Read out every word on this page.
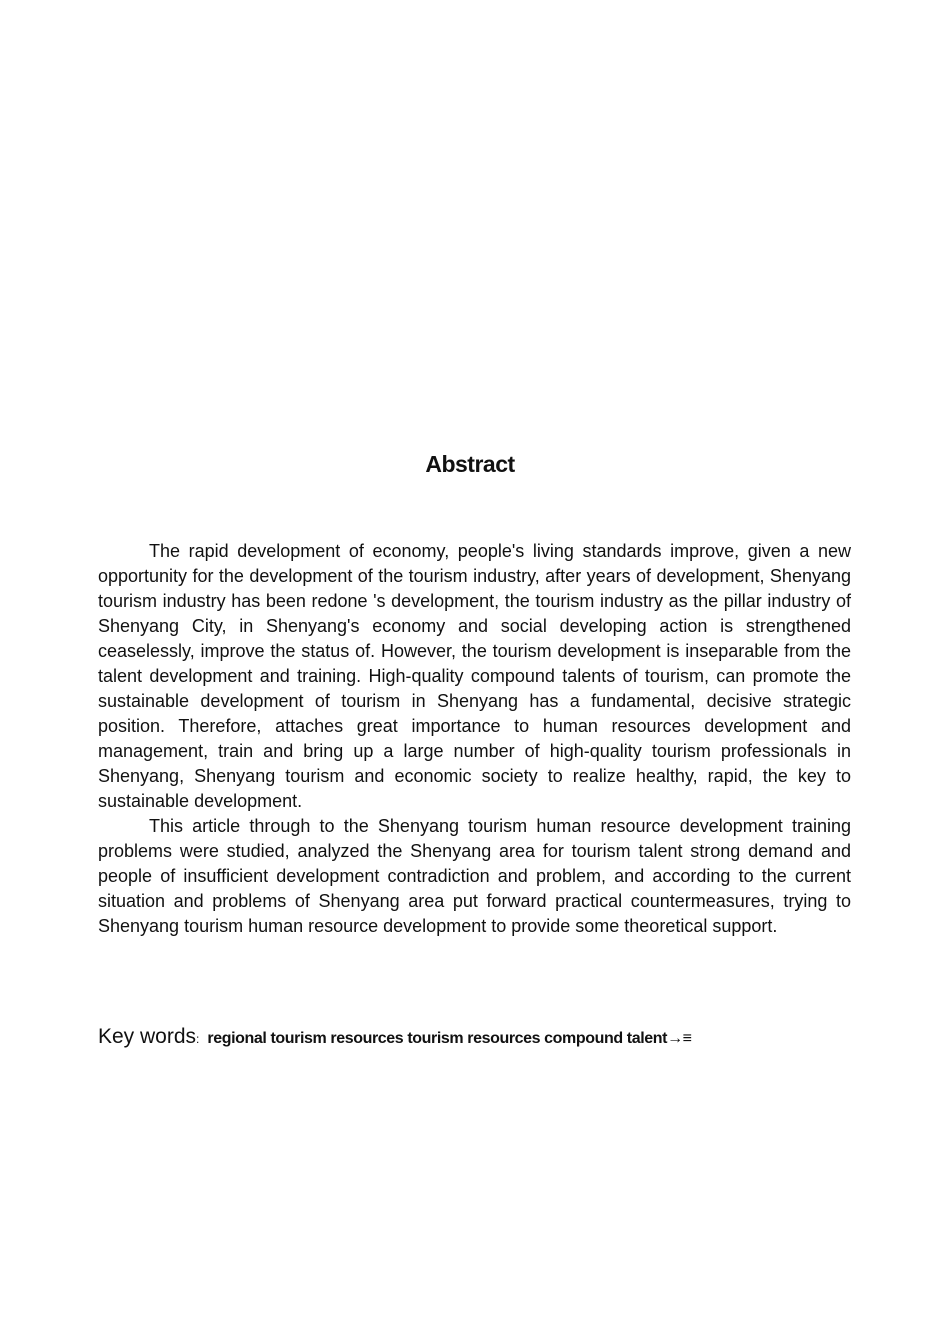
Abstract

The rapid development of economy, people's living standards improve, given a new opportunity for the development of the tourism industry, after years of development, Shenyang tourism industry has been redone 's development, the tourism industry as the pillar industry of Shenyang City, in Shenyang's economy and social developing action is strengthened ceaselessly, improve the status of. However, the tourism development is inseparable from the talent development and training. High-quality compound talents of tourism, can promote the sustainable development of tourism in Shenyang has a fundamental, decisive strategic position. Therefore, attaches great importance to human resources development and management, train and bring up a large number of high-quality tourism professionals in Shenyang, Shenyang tourism and economic society to realize healthy, rapid, the key to sustainable development.

This article through to the Shenyang tourism human resource development training problems were studied, analyzed the Shenyang area for tourism talent strong demand and people of insufficient development contradiction and problem, and according to the current situation and problems of Shenyang area put forward practical countermeasures, trying to Shenyang tourism human resource development to provide some theoretical support.

Key words: regional tourism resources tourism resources compound talent→≡
